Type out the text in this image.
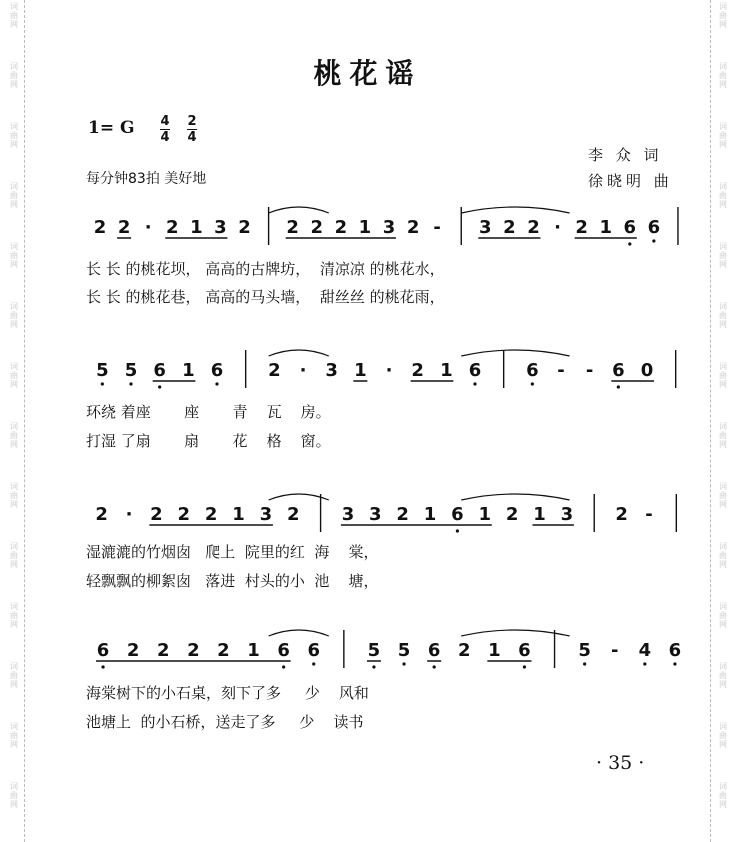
词
曲
网
词
曲
网
词
曲
网
词
曲
网
词
曲
网
词
曲
网
词
曲
网
词
曲
网
词
曲
网
词
曲
网
词
曲
网
词
曲
网
词
曲
网
词
曲
网
词
曲
网
词
曲
网
词
曲
网
词
曲
网
词
曲
网
词
曲
网
词
曲
网
词
曲
网
词
曲
网
词
曲
网
词
曲
网
词
曲
网
词
曲
网
词
曲
网
桃花谣
1= G 4
4
2
4
每分钟83拍 美好地
李 众 词
徐晓明 曲
2 2 · 2 1 3 2 2 2 2 1 3 2 - 3 2 2 · 2 1 6 6
长 长 的桃花坝， 高高的古牌坊，  清凉凉 的桃花水，
长 长 的桃花巷， 高高的马头墙，  甜丝丝 的桃花雨，
5 5 6 1 6 2 · 3 1 · 2 1 6 6 - - 6 0
环绕 着座       座       青    瓦    房。
打湿 了扇       扇       花    格    窗。
2 · 2 2 2 1 3 2 3 3 2 1 6 1 2 1 3 2 -
湿漉漉的竹烟囱   爬上  院里的红  海    棠，
轻飘飘的柳絮囱   落进  村头的小  池    塘，
6 2 2 2 2 1 6 6	5 5 6 2 1 6	5 - 4 6
海棠树下的小石桌，刻下了多     少    风和
池塘上  的小石桥，送走了多     少    读书
· 35 ·
